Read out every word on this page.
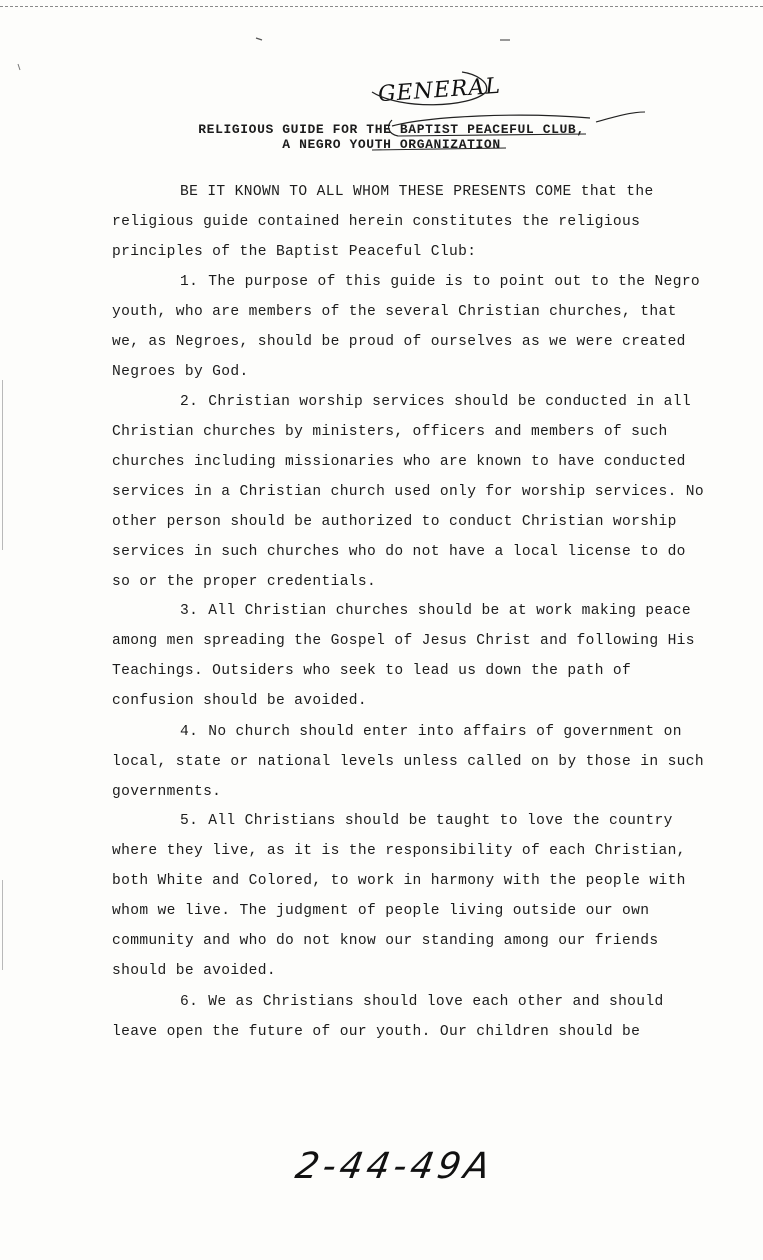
GENERAL
RELIGIOUS GUIDE FOR THE BAPTIST PEACEFUL CLUB,
A NEGRO YOUTH ORGANIZATION

BE IT KNOWN TO ALL WHOM THESE PRESENTS COME that the religious guide contained herein constitutes the religious principles of the Baptist Peaceful Club:

1. The purpose of this guide is to point out to the Negro youth, who are members of the several Christian churches, that we, as Negroes, should be proud of ourselves as we were created Negroes by God.

2. Christian worship services should be conducted in all Christian churches by ministers, officers and members of such churches including missionaries who are known to have conducted services in a Christian church used only for worship services. No other person should be authorized to conduct Christian worship services in such churches who do not have a local license to do so or the proper credentials.

3. All Christian churches should be at work making peace among men spreading the Gospel of Jesus Christ and following His Teachings. Outsiders who seek to lead us down the path of confusion should be avoided.

4. No church should enter into affairs of government on local, state or national levels unless called on by those in such governments.

5. All Christians should be taught to love the country where they live, as it is the responsibility of each Christian, both White and Colored, to work in harmony with the people with whom we live. The judgment of people living outside our own community and who do not know our standing among our friends should be avoided.

6. We as Christians should love each other and should leave open the future of our youth. Our children should be

2-44-49A
